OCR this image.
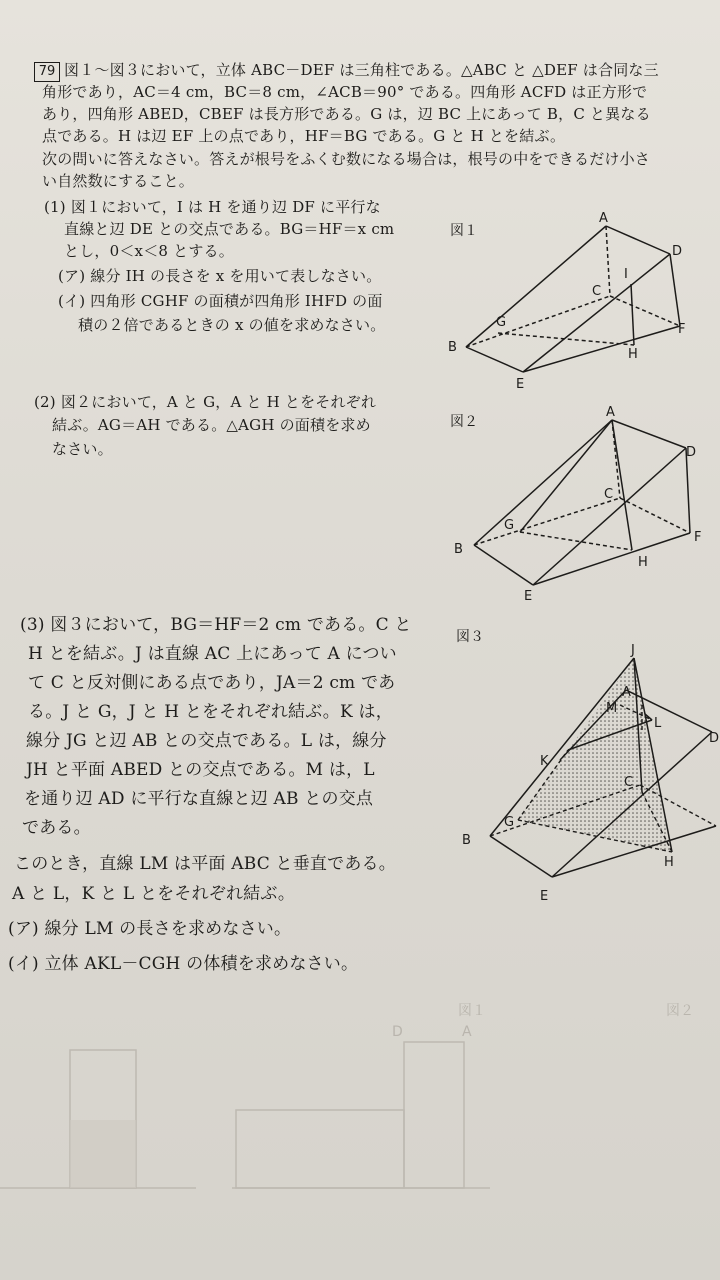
79 図１～図３において，立体 ABC－DEF は三角柱である。△ABC と △DEF は合同な三
角形であり，AC＝4 cm，BC＝8 cm，∠ACB＝90° である。四角形 ACFD は正方形で
あり，四角形 ABED，CBEF は長方形である。G は，辺 BC 上にあって B，C と異なる
点である。H は辺 EF 上の点であり，HF＝BG である。G と H とを結ぶ。
次の問いに答えなさい。答えが根号をふくむ数になる場合は，根号の中をできるだけ小さ
い自然数にすること。
(1) 図１において，I は H を通り辺 DF に平行な
直線と辺 DE との交点である。BG＝HF＝x cm
とし，0＜x＜8 とする。
(ア) 線分 IH の長さを x を用いて表しなさい。
(イ) 四角形 CGHF の面積が四角形 IHFD の面
積の２倍であるときの x の値を求めなさい。
(2) 図２において，A と G，A と H とをそれぞれ
結ぶ。AG＝AH である。△AGH の面積を求め
なさい。
(3) 図３において，BG＝HF＝2 cm である。C と
H とを結ぶ。J は直線 AC 上にあって A につい
て C と反対側にある点であり，JA＝2 cm であ
る。J と G，J と H とをそれぞれ結ぶ。K は，
線分 JG と辺 AB との交点である。L は，線分
JH と平面 ABED との交点である。M は，L
を通り辺 AD に平行な直線と辺 AB との交点
である。
このとき，直線 LM は平面 ABC と垂直である。
A と L，K と L とをそれぞれ結ぶ。
(ア) 線分 LM の長さを求めなさい。
(イ) 立体 AKL－CGH の体積を求めなさい。
図１
図２
図３
A
D
I
C
G	F
B	H
E
A
D
C
G
F
B
H
E
J
A
M
L
D
K
C
G
B
H
E
図２
図１
A
D
